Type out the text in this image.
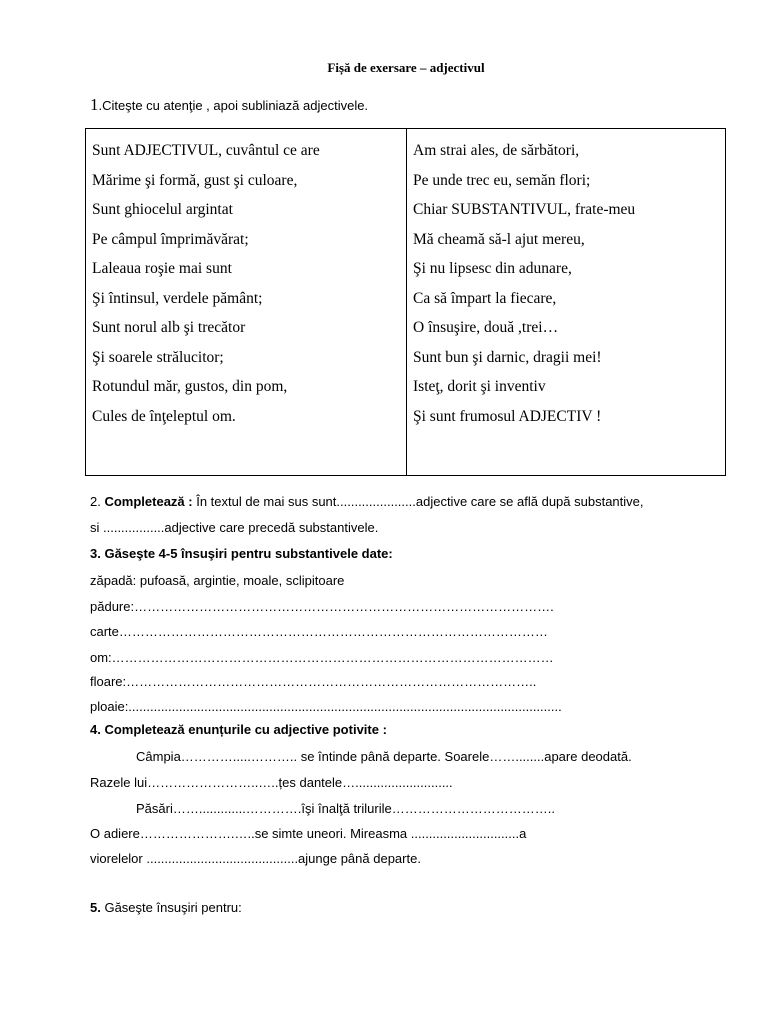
Fișă de exersare – adjectivul
1.Citeşte cu atenţie , apoi subliniază adjectivele.
Sunt ADJECTIVUL, cuvântul ce are
Mărime şi formă, gust şi culoare,
Sunt ghiocelul argintat
Pe câmpul împrimăvărat;
Laleaua roşie mai sunt
Şi întinsul, verdele pământ;
Sunt norul alb şi trecător
Şi soarele strălucitor;
Rotundul măr, gustos, din pom,
Cules de înţeleptul om.
Am strai ales, de sărbători,
Pe unde trec eu, semăn flori;
Chiar SUBSTANTIVUL, frate-meu
Mă cheamă să-l ajut mereu,
Şi nu lipsesc din adunare,
Ca să împart la fiecare,
O însuşire, două ,trei…
Sunt bun şi darnic, dragii mei!
Isteţ, dorit şi inventiv
Şi sunt frumosul ADJECTIV !
2. Completează : În textul de mai sus sunt......................adjective care se află după substantive,
si .................adjective care precedă substantivele.
3. Găseşte 4-5 însuşiri pentru substantivele date:
zăpadă: pufoasă, argintie, moale, sclipitoare
pădure:…………………………………………………………………………………….
carte………………………………………………………………………………………
om:…………………………………………………………………………………………
floare:…………………………………………………………………………………..
ploaie:........................................................................................................................
4. Completează enunțurile cu adjective potivite :
Câmpia………….....……….. se întinde până departe. Soarele……........apare deodată.
Razele lui……………………..…..țes dantele…...........................
Păsări…….............………….îşi înalţă trilurile………………………………..
O adiere………………….…..se simte uneori. Mireasma ..............................a
viorelelor ..........................................ajunge până departe.
5. Găseşte însuşiri pentru:
